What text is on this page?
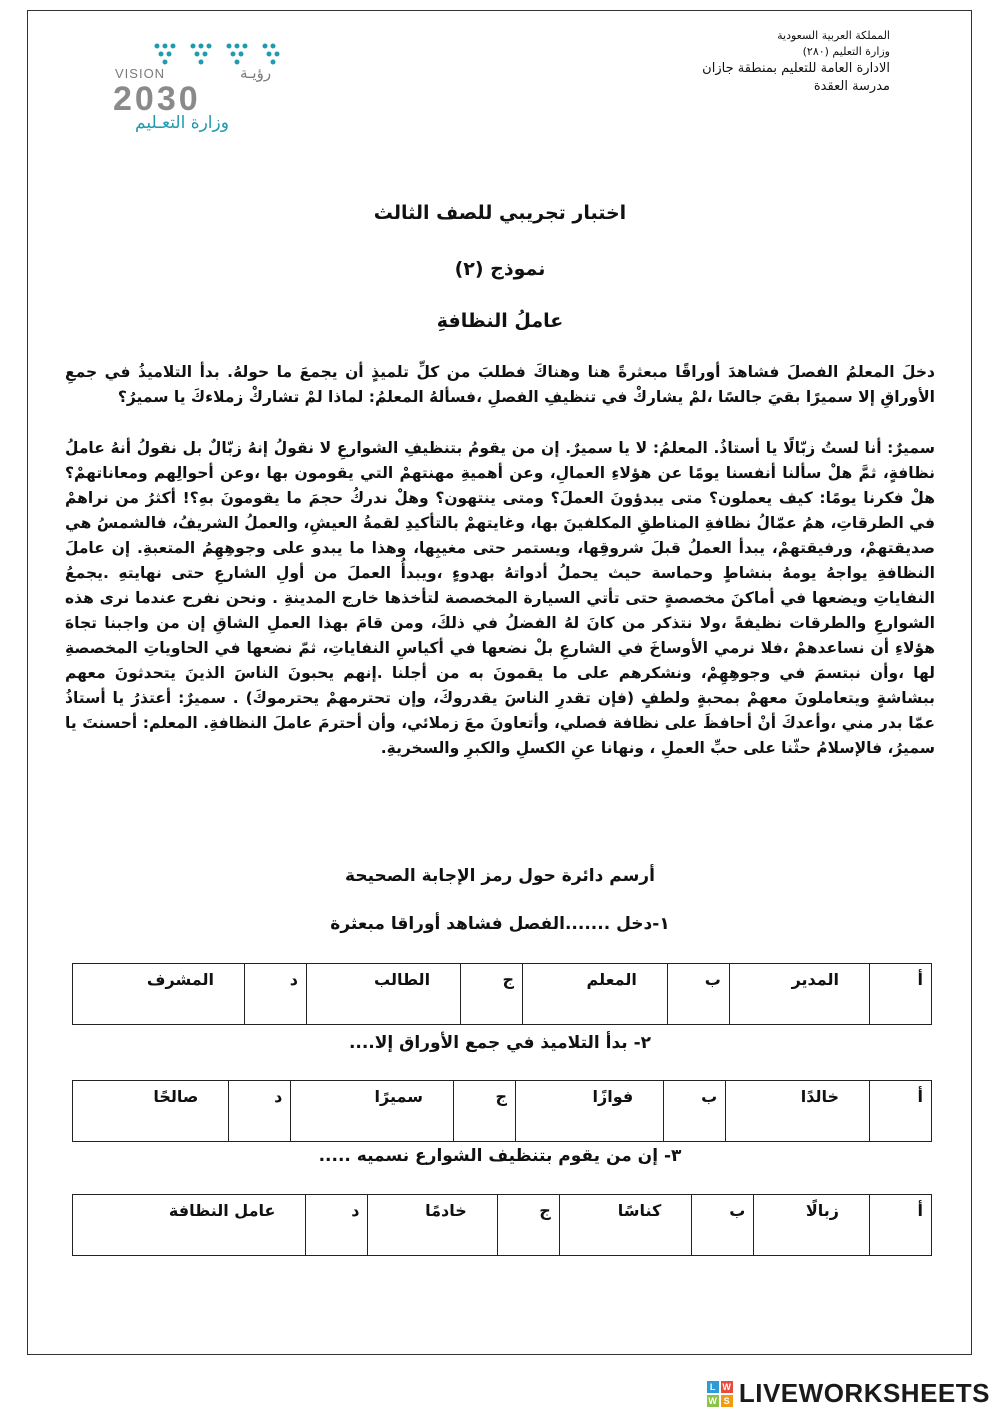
المملكة العربية السعودية
وزارة التعليم (٢٨٠)
الادارة العامة للتعليم بمنطقة جازان
مدرسة العقدة
VISION	رؤيـة
2030
وزارة التعـليم
اختبار تجريبي للصف الثالث
نموذج (٢)
عاملُ النظافةِ

دخلَ المعلمُ الفصلَ فشاهدَ أوراقًا مبعثرةً هنا وهناكَ فطلبَ من كلِّ تلميذٍ أن يجمعَ ما حولهُ. بدأ التلاميذُ في جمعِ الأوراقِ إلا سميرًا بقيَ جالسًا ،لمْ يشاركْ في تنظيفِ الفصلِ ،فسألهُ المعلمُ: لماذا لمْ تشاركْ زملاءكَ يا سميرُ؟

سميرٌ: أنا لستُ زبّالًا يا أستاذُ. المعلمُ: لا يا سميرٌ. إن من يقومُ بتنظيفِ الشوارعِ لا نقولُ إنهُ زبّالٌ بل نقولُ أنهُ عاملُ نظافةٍ، ثمَّ هلْ سألنا أنفسنا يومًا عن هؤلاءِ العمالِ، وعن أهميةِ مهنتهمْ التي يقومون بها ،وعن أحوالِهم ومعاناتهمْ؟ هلْ فكرنا يومًا: كيف يعملون؟ متى يبدؤونَ العملَ؟ ومتى ينتهون؟ وهلْ ندركُ حجمَ ما يقومونَ بهِ؟! أكثرُ من نراهمْ في الطرقاتِ، همُ عمّالُ نظافةِ المناطقِ المكلفينَ بها، وغايتهمْ بالتأكيدِ لقمةُ العيشِ، والعملُ الشريفُ، فالشمسُ هي صديقتهمْ، ورفيقتهمْ، يبدأ العملُ قبلَ شروقِها، ويستمر حتى مغيبِها، وهذا ما يبدو على وجوهِهِمُ المتعبةِ. إن عاملَ النظافةِ يواجهُ يومهُ بنشاطٍ وحماسة حيث يحملُ أدواتهُ بهدوءٍ ،ويبدأُ العملَ من أولِ الشارعِ حتى نهايتهِ .يجمعُ النفاياتِ ويضعها في أماكنَ مخصصةٍ حتى تأتي السيارة المخصصة لتأخذها خارج المدينةِ . ونحن نفرح عندما نرى هذه الشوارعِ والطرقات نظيفةً ،ولا نتذكر من كانَ لهُ الفضلُ في ذلكَ، ومن قامَ بهذا العملِ الشاقِ إن من واجبنا تجاهَ هؤلاءِ أن نساعدهمْ ،فلا نرمي الأوساخَ في الشارعِ بلْ نضعها في أكياسِ النفاياتِ، ثمّ نضعها في الحاوياتِ المخصصةِ لها ،وأن نبتسمَ في وجوهِهِمْ، ونشكرهم على ما يقمونَ به من أجلنا .إنهم يحبونَ الناسَ الذينَ يتحدثونَ معهم ببشاشةٍ ويتعاملونَ معهمْ بمحبةٍ ولطفٍ (فإن تقدرِ الناسَ يقدروكَ، وإن تحترمهمْ يحترموكَ) . سميرٌ: أعتذرُ يا أستاذُ عمّا بدر مني ،وأعدكَ أنْ أحافظَ على نظافة فصلي، وأتعاونَ معَ زملائي، وأن أحترمَ عاملَ النظافةِ. المعلم: أحسنتَ يا سميرُ، فالإسلامُ حثّنا على حبِّ العملِ ، ونهانا عنِ الكسلِ والكبرِ والسخريةِ.

أرسم دائرة حول رمز الإجابة الصحيحة
١-دخل .......الفصل فشاهد أوراقا مبعثرة
أ	المدير	ب	المعلم	ج	الطالب	د	المشرف
٢- بدأ التلاميذ في جمع الأوراق إلا....
أ	خالدًا	ب	فوازًا	ج	سميرًا	د	صالحًا
٣- إن من يقوم بتنظيف الشوارع نسميه .....
أ	زبالًا	ب	كناسًا	ج	خادمًا	د	عامل النظافة
L W
W S LIVEWORKSHEETS
